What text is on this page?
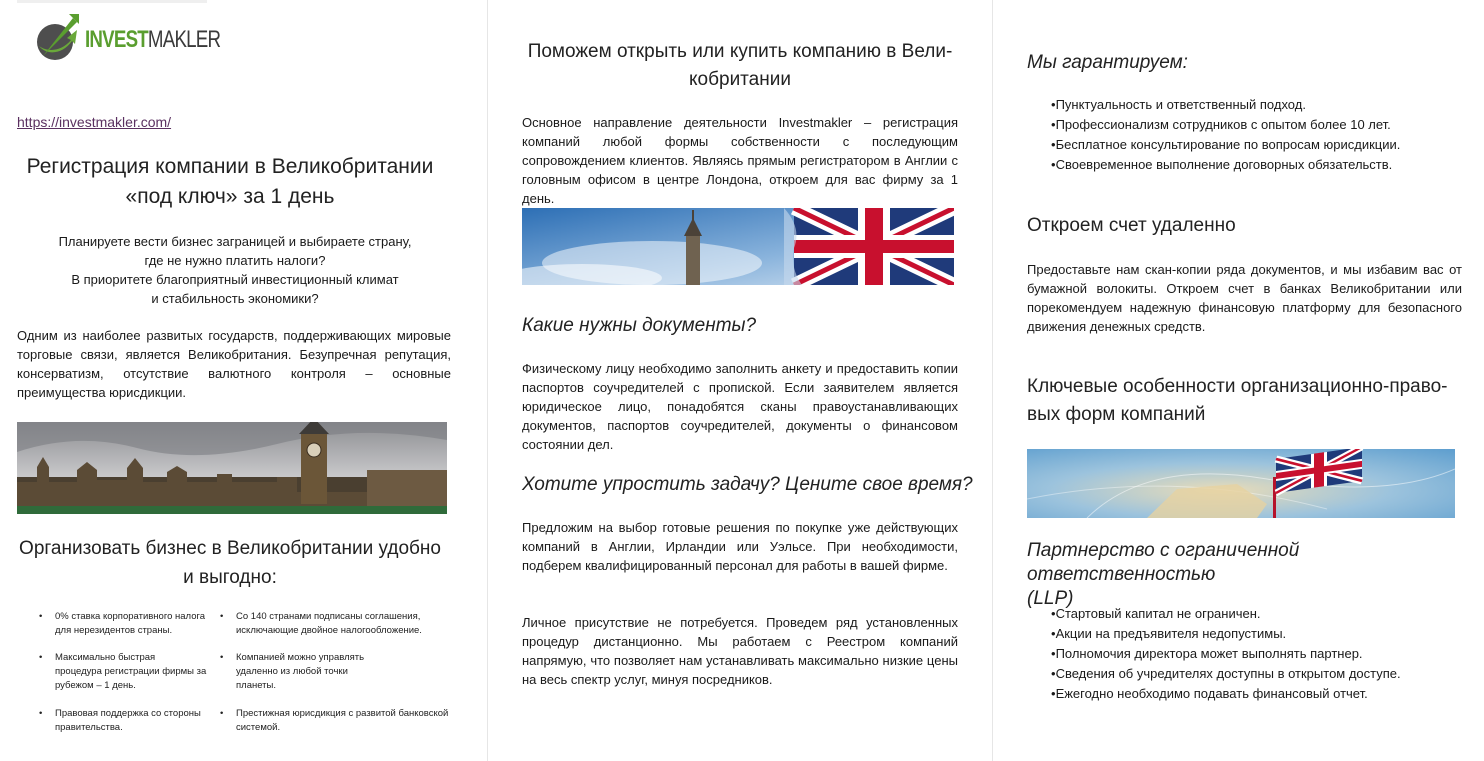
INVESTMAKLER
https://investmakler.com/
Регистрация компании в Великобритании
«под ключ» за 1 день
Планируете вести бизнес заграницей и выбираете страну,
где не нужно платить налоги?
В приоритете благоприятный инвестиционный климат
и стабильность экономики?

Одним из наиболее развитых государств, поддерживающих мировые торговые связи, является Великобритания. Безупречная репутация, консерватизм, отсутствие валютного контроля – основные преимущества юрисдикции.

Организовать бизнес в Великобритании удобно
и выгодно:
• 0% ставка корпоративного налога
для нерезидентов страны.
• Максимально быстрая
процедура регистрации фирмы за
рубежом – 1 день.
• Правовая поддержка со стороны
правительства.
• Со 140 странами подписаны соглашения,
исключающие двойное налогообложение.
• Компанией можно управлять
удаленно из любой точки
планеты.
• Престижная юрисдикция с развитой банковской
системой.
Поможем открыть или купить компанию в Вели-
кобритании

Основное направление деятельности Investmakler – регистрация компаний любой формы собственности с последующим сопровождением клиентов. Являясь прямым регистратором в Англии с головным офисом в центре Лондона, откроем для вас фирму за 1 день.

Какие нужны документы?

Физическому лицу необходимо заполнить анкету и предоставить копии паспортов соучредителей с пропиской. Если заявителем является юридическое лицо, понадобятся сканы правоустанавливающих документов, паспортов соучредителей, документы о финансовом состоянии дел.

Хотите упростить задачу? Цените свое время?

Предложим на выбор готовые решения по покупке уже действующих компаний в Англии, Ирландии или Уэльсе. При необходимости, подберем квалифицированный персонал для работы в вашей фирме.

Личное присутствие не потребуется. Проведем ряд установленных процедур дистанционно. Мы работаем с Реестром компаний напрямую, что позволяет нам устанавливать максимально низкие цены на весь спектр услуг, минуя посредников.

Мы гарантируем:
•Пунктуальность и ответственный подход.
•Профессионализм сотрудников с опытом более 10 лет.
•Бесплатное консультирование по вопросам юрисдикции.
•Своевременное выполнение договорных обязательств.
Откроем счет удаленно

Предоставьте нам скан-копии ряда документов, и мы избавим вас от бумажной волокиты. Откроем счет в банках Великобритании или порекомендуем надежную финансовую платформу для безопасного движения денежных средств.

Ключевые особенности организационно-право-
вых форм компаний
Партнерство с ограниченной ответственностью
(LLP)
•Стартовый капитал не ограничен.
•Акции на предъявителя недопустимы.
•Полномочия директора может выполнять партнер.
•Сведения об учредителях доступны в открытом доступе.
•Ежегодно необходимо подавать финансовый отчет.
